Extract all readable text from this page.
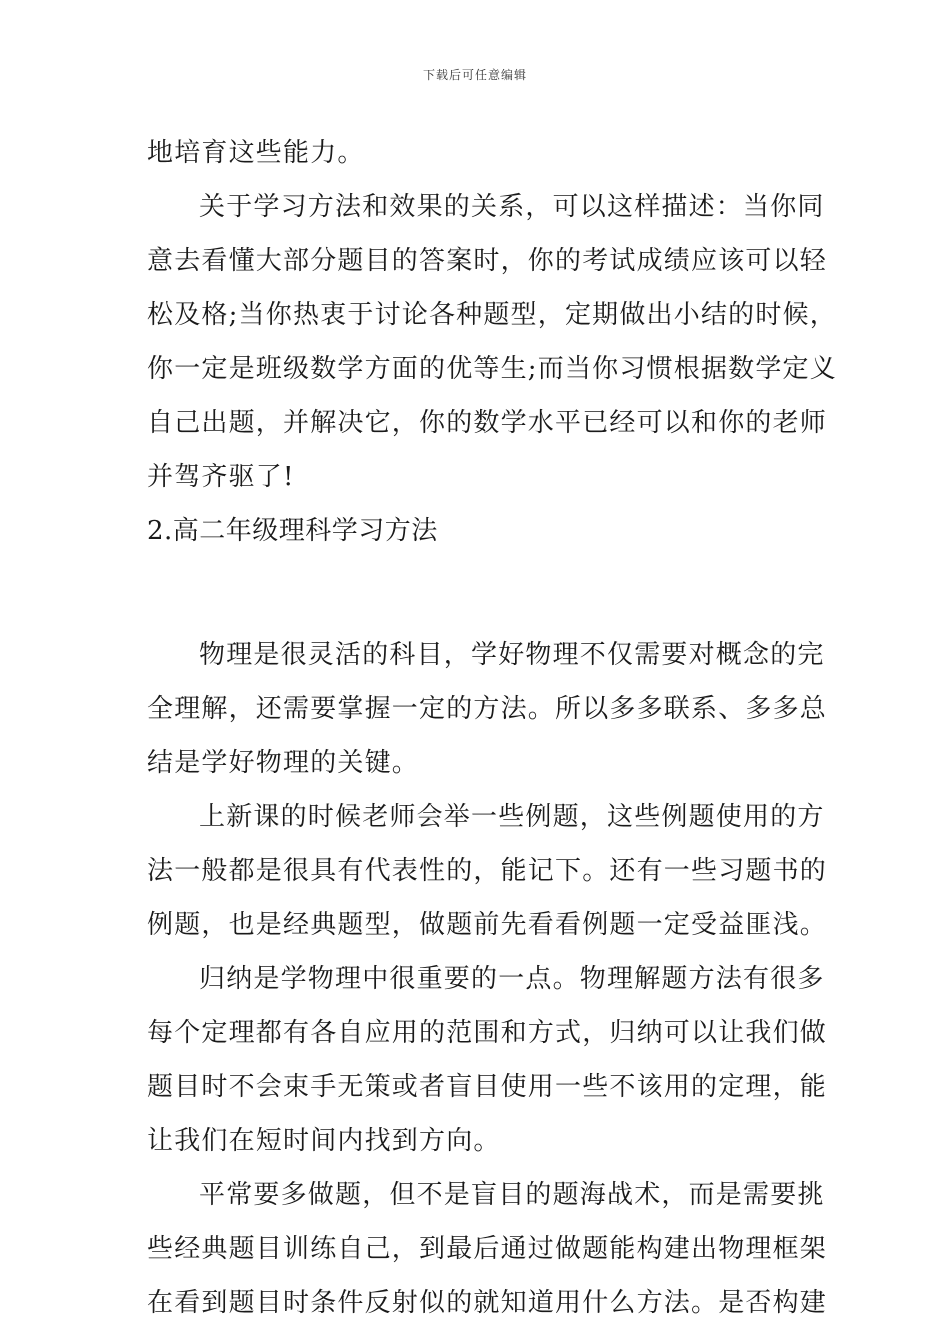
下载后可任意编辑
地培育这些能力。
关于学习方法和效果的关系，可以这样描述：当你同
意去看懂大部分题目的答案时，你的考试成绩应该可以轻
松及格;当你热衷于讨论各种题型，定期做出小结的时候，
你一定是班级数学方面的优等生;而当你习惯根据数学定义
自己出题，并解决它，你的数学水平已经可以和你的老师
并驾齐驱了!
2.高二年级理科学习方法
物理是很灵活的科目，学好物理不仅需要对概念的完
全理解，还需要掌握一定的方法。所以多多联系、多多总
结是学好物理的关键。
上新课的时候老师会举一些例题，这些例题使用的方
法一般都是很具有代表性的，能记下。还有一些习题书的
例题，也是经典题型，做题前先看看例题一定受益匪浅。
归纳是学物理中很重要的一点。物理解题方法有很多
每个定理都有各自应用的范围和方式，归纳可以让我们做
题目时不会束手无策或者盲目使用一些不该用的定理，能
让我们在短时间内找到方向。
平常要多做题，但不是盲目的题海战术，而是需要挑
些经典题目训练自己，到最后通过做题能构建出物理框架
在看到题目时条件反射似的就知道用什么方法。是否构建
